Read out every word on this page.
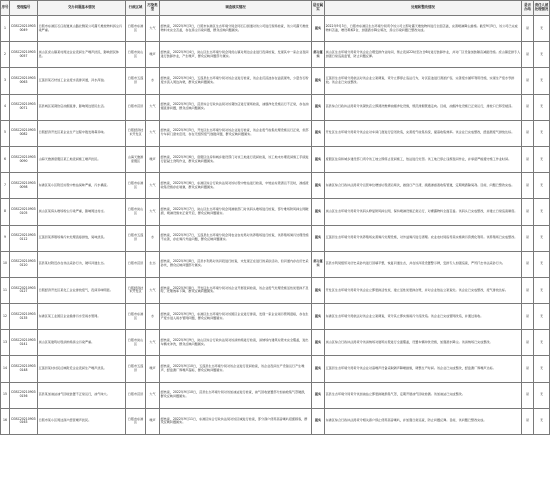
序号	受理编号	交办问题基本情况	行政区域	污染类型	调查核实情况	是否属实	处理和整改情况	是否办结	责任人被处理情况
1	D3SC202109030049	日照市东港区石臼街道岚山路北侧某公司露天堆放物料扬尘污染严重。	日照市东港区	大气	经核查，2022年9月3日，日照市东港区生态环境分局会同石臼街道对该公司进行现场检查，该公司露天堆放物料未完全苫盖，存在扬尘污染问题，群众反映问题属实。	属实	2022年9月3日，日照市东港区生态环境分局责令该公司立即对露天堆放物料进行全面苫盖，完善喷淋降尘措施。截至9月5日，该公司已完成物料苫盖，增设雾炮2台，加强洒水降尘频次，扬尘污染问题已整改完成。	是	无
2	D3SC202109030057	岚山区虎山镇某村周边企业夜间生产噪声扰民，影响居民休息。	日照市岚山区	噪声	经核查，2022年9月4日，岚山区生态环境分局会同虎山镇对周边企业进行夜间检查，发现其中一家企业夜间进行装卸作业，产生噪声，群众反映问题部分属实。	部分属实	岚山区生态环境分局责令该企业合理安排作业时间，禁止夜间22时至次日6时进行装卸作业，并对厂区设备加装隔音减振设施。虎山镇安排专人加强日常巡查监管，防止问题反弹。	是	无
3	D3SC202109030063	五莲县某石材加工企业废水直排河道，河水浑浊。	日照市五莲县	水	经核查，2022年9月4日，五莲县生态环境分局对该企业进行检查，该企业沉淀池存在溢流现象，少量含石粉废水流入周边沟渠，群众反映问题属实。	属实	五莲县生态环境分局依法对该企业立案调查，责令立即停止违法行为，对沉淀池进行清淤扩容，完善废水循环利用设施，实现生产废水零排放。该企业已完成整改。	是	无
4	D3SC202109030071	莒县城区某餐饮店油烟直排，影响周边居民生活。	日照市莒县	大气	经核查，2022年9月5日，莒县综合行政执法局对该餐饮店进行现场检查，油烟净化设施运行不正常，存在油烟直排问题，群众反映问题属实。	属实	莒县综合行政执法局责令该餐饮店立即清洗维修油烟净化设施，规范排烟管道走向。目前，油烟净化设施已正常运行，排放口已移至楼顶。	是	无
5	D3SC202109030082	日照经济开发区某企业生产过程中散发刺鼻异味。	日照经济技术开发区	大气	经核查，2022年9月5日，开发区生态环境分局对该企业进行检查，该企业废气收集处理设施运行正常，但部分车间门窗未密闭，存在无组织废气逸散问题，群众反映问题属实。	属实	开发区生态环境分局责令该企业对车间门窗进行密闭改造，完善废气收集系统，提高收集效率。该企业已完成整改，经监测废气排放达标。	是	无
6	D3SC202109030090	山海天旅游度假区某工地夜间施工噪声扰民。	山海天旅游度假区	噪声	经核查，2022年9月6日，度假区住房和城乡建设部门对该工地进行夜间检查，该工地未办理夜间施工手续进行混凝土浇筑作业，群众反映问题属实。	属实	度假区住房和城乡建设部门责令该工地立即停止夜间施工，依法进行处罚。该工地已停止违规夜间作业，并承诺严格遵守施工作业时间。	是	无
7	D3SC202109030098	东港区某小区附近垃圾中转站臭味严重，污水横流。	日照市东港区	大气	经核查，2022年9月6日，东港区综合行政执法局对该垃圾中转站进行检查，中转站垃圾清运不及时，渗滤液收集设施存在堵塞，群众反映问题属实。	属实	东港区综合行政执法局责令运营单位增加垃圾清运频次，做到日产日清，疏通渗滤液收集管道，定期喷洒除臭剂。目前，问题已整改完成。	是	无
8	D3SC202109030105	岚山区某码头堆场粉尘污染严重，影响周边村庄。	日照市岚山区	大气	经核查，2022年9月7日，岚山区生态环境分局会同港航部门对该码头堆场进行检查，部分堆场防风抑尘网破损，喷淋设施未正常开启，群众反映问题属实。	属实	岚山区生态环境分局责令该码头修复防风抑尘网，保持喷淋设施正常运行，对裸露物料全面苫盖。该码头已完成整改，并建立日常巡查制度。	是	无
9	D3SC202109030112	五莲县某养殖场粪污未处理直接排放，臭味扰民。	日照市五莲县	水	经核查，2022年9月7日，五莲县生态环境分局会同农业农村局对该养殖场进行检查，该养殖场粪污处理设施不完善，存在粪污外溢问题，群众反映问题属实。	属实	五莲县生态环境分局责令该养殖场完善粪污处理设施，对外溢粪污进行清理。农业农村局指导其实施粪污资源化利用。该养殖场已完成整改。	是	无
10	D3SC202109030120	莒县某村附近存在非法采砂行为，破坏河道生态。	日照市莒县	生态	经核查，2022年9月8日，莒县水利局对该河段进行检查，未发现正在进行的采砂活动，但河道内存在历史采砂坑，群众反映问题部分属实。	部分属实	莒县水利局组织对历史采砂坑进行回填平整，恢复河道生态，并在该河段设置警示牌，安排专人加强巡查，严厉打击非法采砂行为。	是	无
11	D3SC202109030127	日照经济开发区某化工企业排放废气，夜间异味明显。	日照经济技术开发区	大气	经核查，2022年9月8日，开发区生态环境分局对该企业开展夜间检查，该企业废气处理设施活性炭更换不及时，处理效率下降，群众反映问题属实。	属实	开发区生态环境分局责令该企业立即更换活性炭，建立活性炭更换台账，并对企业依法立案查处。该企业已完成整改，废气排放达标。	是	无
12	D3SC202109030135	东港区某工业园区企业偷排污水至雨水管网。	日照市东港区	水	经核查，2022年9月9日，东港区生态环境分局对该园区企业进行排查，发现一家企业雨污管网混接，存在生产废水进入雨水管网问题，群众反映问题属实。	属实	东港区生态环境分局依法对该企业立案调查，责令其立即实施雨污分流改造。该企业已完成管网改造，并通过验收。	是	无
13	D3SC202109030141	岚山区某建筑垃圾消纳场扬尘污染严重。	日照市岚山区	大气	经核查，2022年9月9日，岚山区综合行政执法局对该消纳场进行检查，消纳场内建筑垃圾未完全覆盖，进出车辆未冲洗，群众反映问题属实。	属实	岚山区综合行政执法局责令该消纳场对建筑垃圾进行全面覆盖，设置车辆冲洗设施，加强洒水降尘。该消纳场已完成整改。	是	无
14	D3SC202109030148	五莲县某村村民反映附近企业夜间生产噪声扰民。	日照市五莲县	噪声	经核查，2022年9月10日，五莲县生态环境分局对该企业进行夜间检查，该企业夜间生产设备运行产生噪声，经监测厂界噪声超标，群众反映问题属实。	属实	五莲县生态环境分局责令该企业对高噪声设备采取隔声降噪措施，调整生产时间。该企业已完成整改，经监测厂界噪声达标。	是	无
15	D3SC202109030156	莒县某加油站油气回收装置不正常运行，油气味大。	日照市莒县	大气	经核查，2022年9月10日，莒县生态环境分局对该加油站进行检查，油气回收装置部分加油枪集气罩破损，群众反映问题属实。	属实	莒县生态环境分局责令该加油站立即更换破损集气罩，定期开展油气回收检测。该加油站已完成整改。	是	无
16	D3SC202109030163	日照市某小区周边商户经营噪声扰民。	日照市东港区	噪声	经核查，2022年9月11日，东港区综合行政执法局对该区域进行检查，部分商户使用高音喇叭招揽顾客，群众反映问题属实。	属实	东港区综合行政执法局责令相关商户停止使用高音喇叭，并加强日常巡查，防止问题反弹。目前，该问题已整改完成。	是	无
